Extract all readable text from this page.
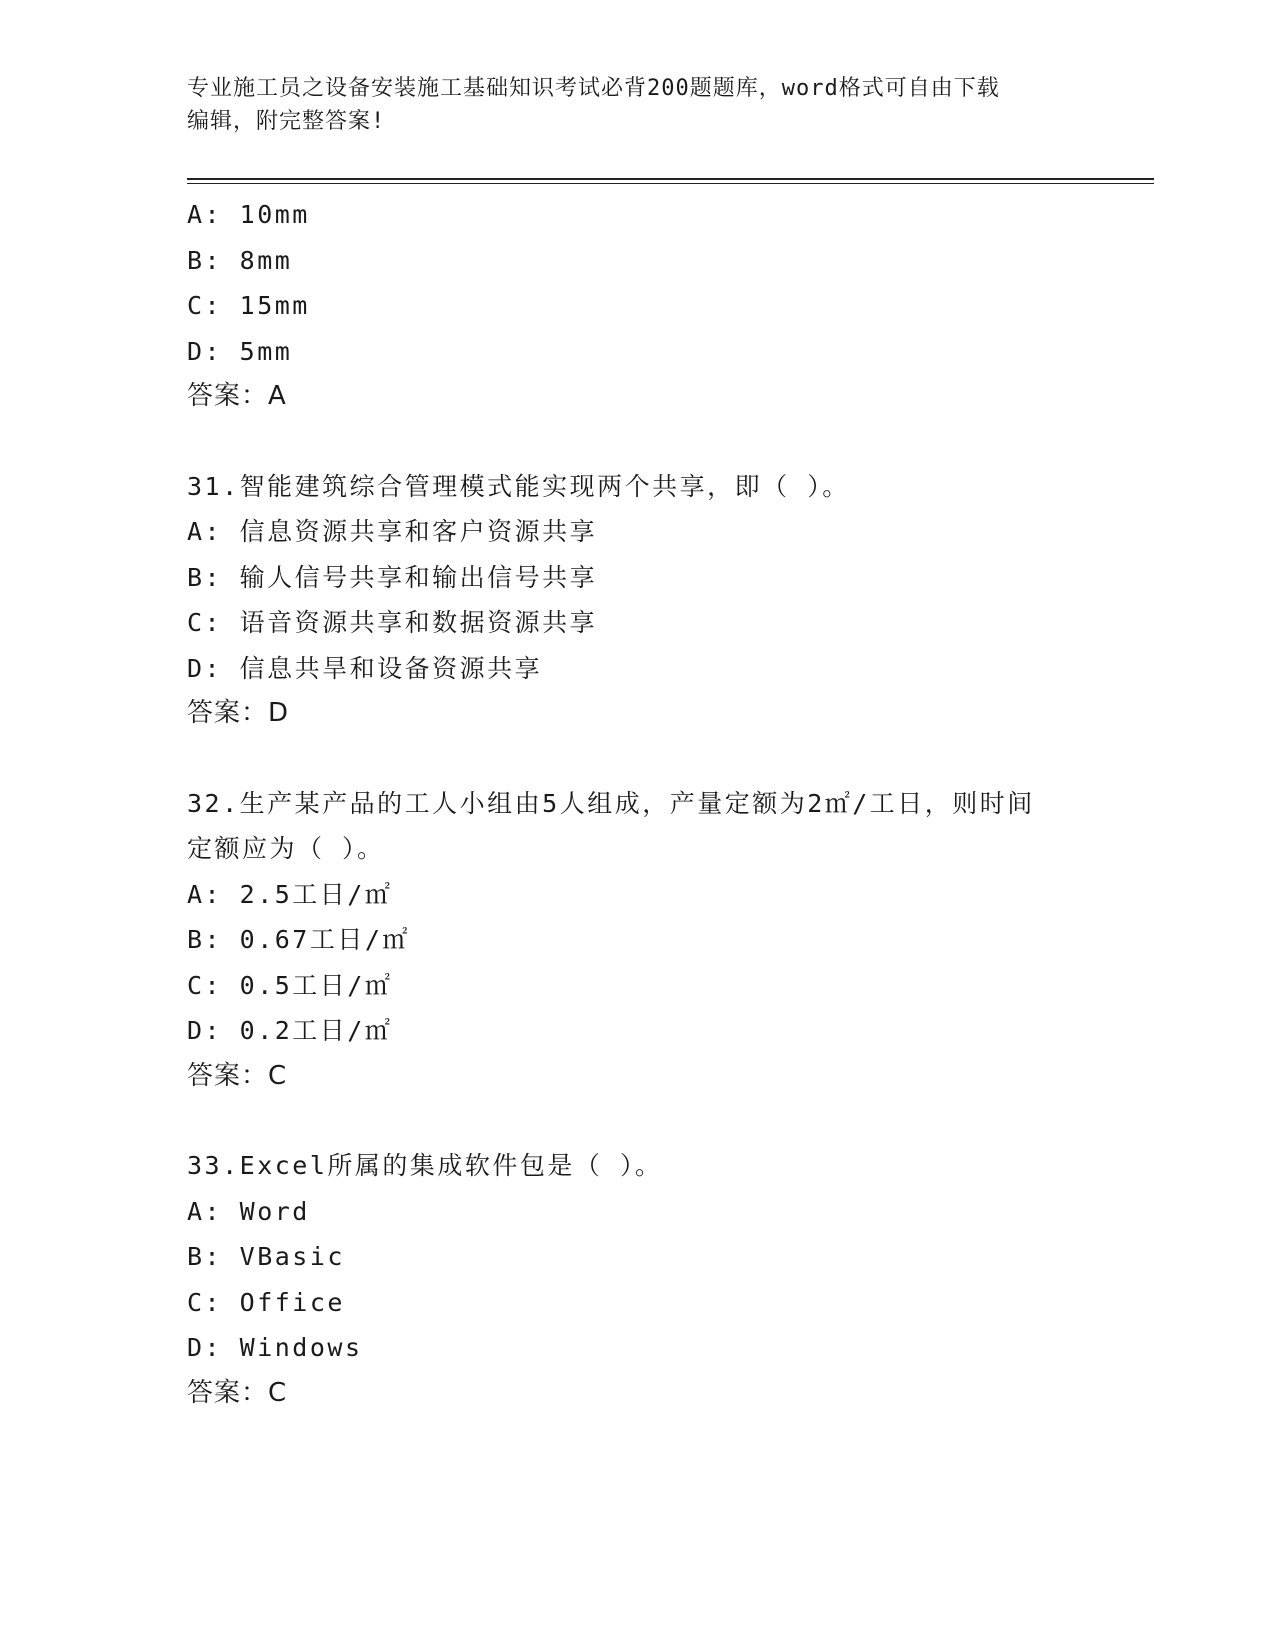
专业施工员之设备安装施工基础知识考试必背200题题库，word格式可自由下载
编辑，附完整答案!
A: 10mm
B: 8mm
C: 15mm
D: 5mm
答案：A
31.智能建筑综合管理模式能实现两个共享，即（ ）。
A: 信息资源共享和客户资源共享
B: 输人信号共享和输出信号共享
C: 语音资源共享和数据资源共享
D: 信息共旱和设备资源共享
答案：D
32.生产某产品的工人小组由5人组成，产量定额为2㎡/工日，则时间
定额应为（ ）。
A: 2.5工日/㎡
B: 0.67工日/㎡
C: 0.5工日/㎡
D: 0.2工日/㎡
答案：C
33.Excel所属的集成软件包是（ ）。
A: Word
B: VBasic
C: Office
D: Windows
答案：C
